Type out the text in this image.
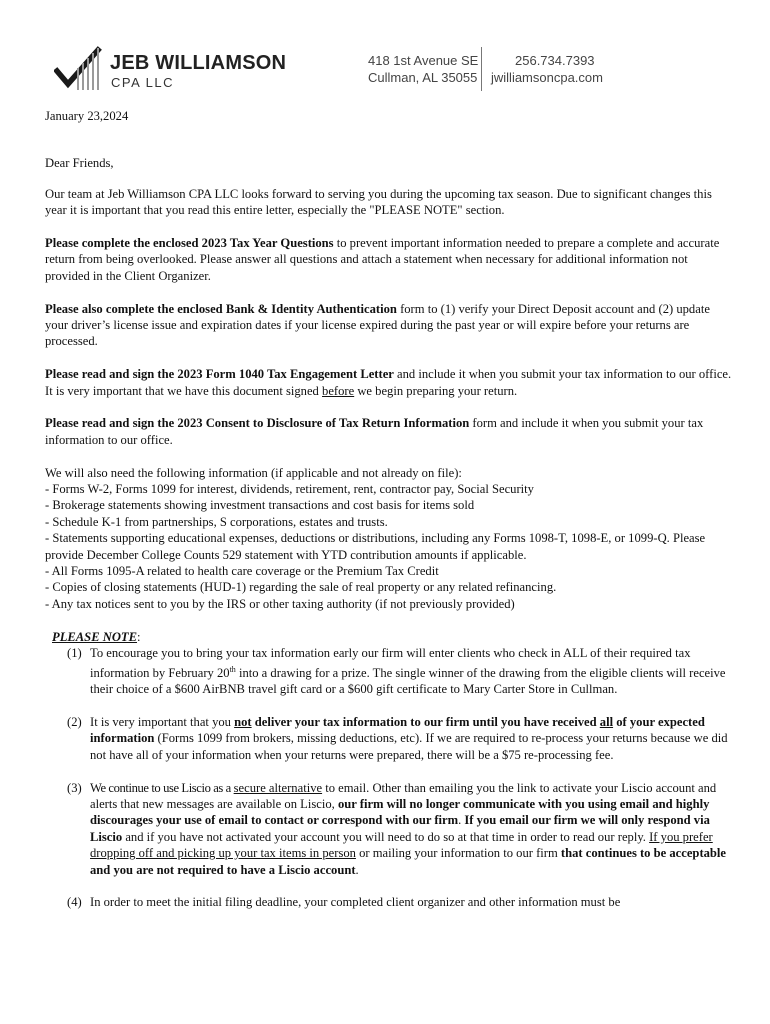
JEB WILLIAMSON
CPA LLC
418 1st Avenue SE
Cullman, AL 35055
256.734.7393
jwilliamsoncpa.com

January 23,2024

Dear Friends,

Our team at Jeb Williamson CPA LLC looks forward to serving you during the upcoming tax season. Due to significant changes this year it is important that you read this entire letter, especially the "PLEASE NOTE" section.

Please complete the enclosed 2023 Tax Year Questions to prevent important information needed to prepare a complete and accurate return from being overlooked. Please answer all questions and attach a statement when necessary for additional information not provided in the Client Organizer.

Please also complete the enclosed Bank & Identity Authentication form to (1) verify your Direct Deposit account and (2) update your driver’s license issue and expiration dates if your license expired during the past year or will expire before your returns are processed.

Please read and sign the 2023 Form 1040 Tax Engagement Letter and include it when you submit your tax information to our office. It is very important that we have this document signed before we begin preparing your return.

Please read and sign the 2023 Consent to Disclosure of Tax Return Information form and include it when you submit your tax information to our office.

We will also need the following information (if applicable and not already on file):
- Forms W-2, Forms 1099 for interest, dividends, retirement, rent, contractor pay, Social Security
- Brokerage statements showing investment transactions and cost basis for items sold
- Schedule K-1 from partnerships, S corporations, estates and trusts.
- Statements supporting educational expenses, deductions or distributions, including any Forms 1098-T, 1098-E, or 1099-Q. Please provide December College Counts 529 statement with YTD contribution amounts if applicable.
- All Forms 1095-A related to health care coverage or the Premium Tax Credit
- Copies of closing statements (HUD-1) regarding the sale of real property or any related refinancing.
- Any tax notices sent to you by the IRS or other taxing authority (if not previously provided)

PLEASE NOTE:
(1) To encourage you to bring your tax information early our firm will enter clients who check in ALL of their required tax information by February 20th into a drawing for a prize. The single winner of the drawing from the eligible clients will receive their choice of a $600 AirBNB travel gift card or a $600 gift certificate to Mary Carter Store in Cullman.
(2) It is very important that you not deliver your tax information to our firm until you have received all of your expected information (Forms 1099 from brokers, missing deductions, etc). If we are required to re-process your returns because we did not have all of your information when your returns were prepared, there will be a $75 re-processing fee.
(3) We continue to use Liscio as a secure alternative to email. Other than emailing you the link to activate your Liscio account and alerts that new messages are available on Liscio, our firm will no longer communicate with you using email and highly discourages your use of email to contact or correspond with our firm. If you email our firm we will only respond via Liscio and if you have not activated your account you will need to do so at that time in order to read our reply. If you prefer dropping off and picking up your tax items in person or mailing your information to our firm that continues to be acceptable and you are not required to have a Liscio account.
(4) In order to meet the initial filing deadline, your completed client organizer and other information must be
